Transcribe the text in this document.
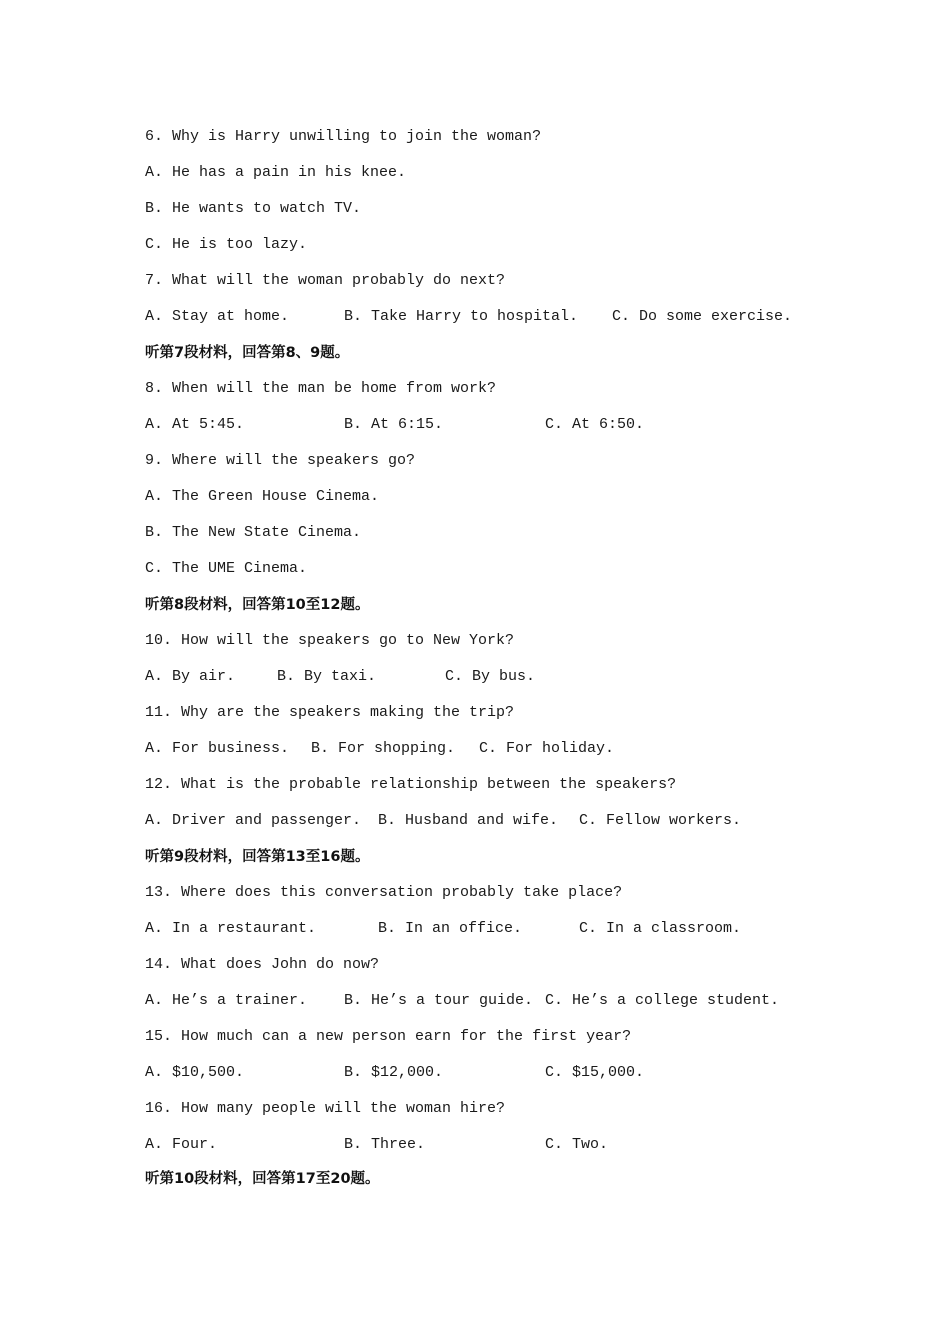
6. Why is Harry unwilling to join the woman?
A. He has a pain in his knee.
B. He wants to watch TV.
C. He is too lazy.
7. What will the woman probably do next?
A. Stay at home.	B. Take Harry to hospital. C. Do some exercise.
听第7段材料，回答第8、9题。
8. When will the man be home from work?
A. At 5:45.	B. At 6:15.	C. At 6:50.
9. Where will the speakers go?
A. The Green House Cinema.
B. The New State Cinema.
C. The UME Cinema.
听第8段材料，回答第10至12题。
10. How will the speakers go to New York?
A. By air.	B. By taxi.	C. By bus.
11. Why are the speakers making the trip?
A. For business. B. For shopping. C. For holiday.
12. What is the probable relationship between the speakers?
A. Driver and passenger. B. Husband and wife. C. Fellow workers.
听第9段材料，回答第13至16题。
13. Where does this conversation probably take place?
A. In a restaurant.	B. In an office.	C. In a classroom.
14. What does John do now?
A. He’s a trainer. B. He’s a tour guide. C. He’s a college student.
15. How much can a new person earn for the first year?
A. $10,500.	B. $12,000.	C. $15,000.
16. How many people will the woman hire?
A. Four.	B. Three.	C. Two.
听第10段材料，回答第17至20题。
